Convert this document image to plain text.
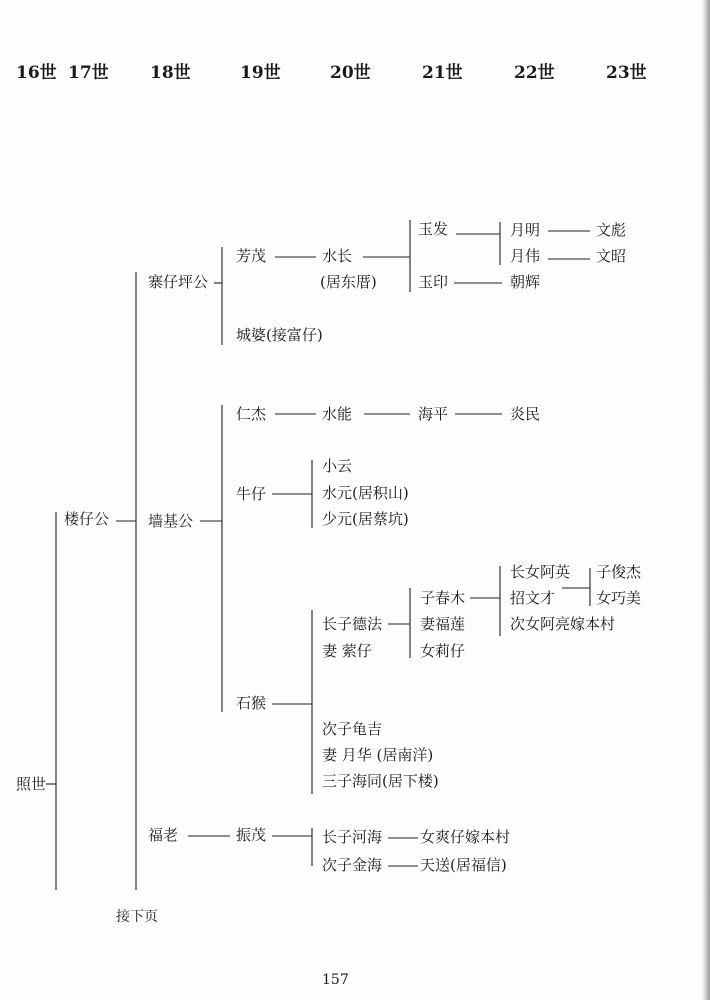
16世 17世 18世	19世	20世	21世	22世	23世
照世
楼仔公
寨仔坪公
墙基公
福老
芳茂
城婆(接富仔)
仁杰
牛仔
石猴
振茂
水长
(居东厝)
水能
小云
水元(居积山)
少元(居蔡坑)
长子德法
妻 萦仔
次子龟吉
妻 月华 (居南洋)
三子海同(居下楼)
长子河海
次子金海
玉发
玉印
海平
子春木
妻福莲
女莉仔
女爽仔嫁本村
天送(居福信)
月明
月伟
朝辉
炎民
长女阿英
招文才
次女阿亮嫁本村
文彪
文昭
子俊杰
女巧美
接下页
157
